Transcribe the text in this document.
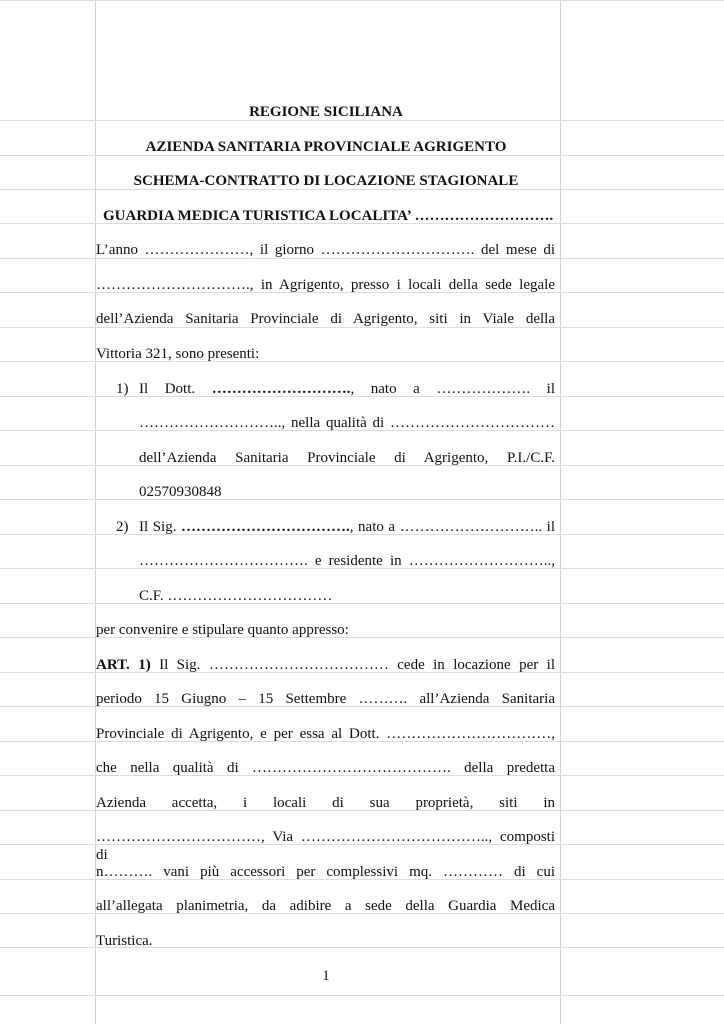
REGIONE SICILIANA
AZIENDA SANITARIA PROVINCIALE AGRIGENTO
SCHEMA-CONTRATTO DI LOCAZIONE STAGIONALE
GUARDIA MEDICA TURISTICA LOCALITA’ ……………………….
L’anno …………………, il giorno …………………………. del mese di
…………………………., in Agrigento, presso i locali della sede legale
dell’Azienda Sanitaria Provinciale di Agrigento, siti in Viale della
Vittoria 321, sono presenti:
1) Il Dott. ………………………., nato a ………………. il
……………………….., nella qualità di ……………………………
dell’Azienda Sanitaria Provinciale di Agrigento, P.I./C.F.
02570930848
2) Il Sig. ……………………………., nato a ……………………….. il
……………………………. e residente in ………………………..,
C.F. ……………………………
per convenire e stipulare quanto appresso:
ART. 1) Il Sig. ……………………………… cede in locazione per il
periodo 15 Giugno – 15 Settembre ………. all’Azienda Sanitaria
Provinciale di Agrigento, e per essa al Dott. ……………………………,
che nella qualità di …………………………………. della predetta
Azienda accetta, i locali di sua proprietà, siti in
……………………………, Via ……………………………….., composti di
n………. vani più accessori per complessivi mq. ………… di cui
all’allegata planimetria, da adibire a sede della Guardia Medica
Turistica.
1
